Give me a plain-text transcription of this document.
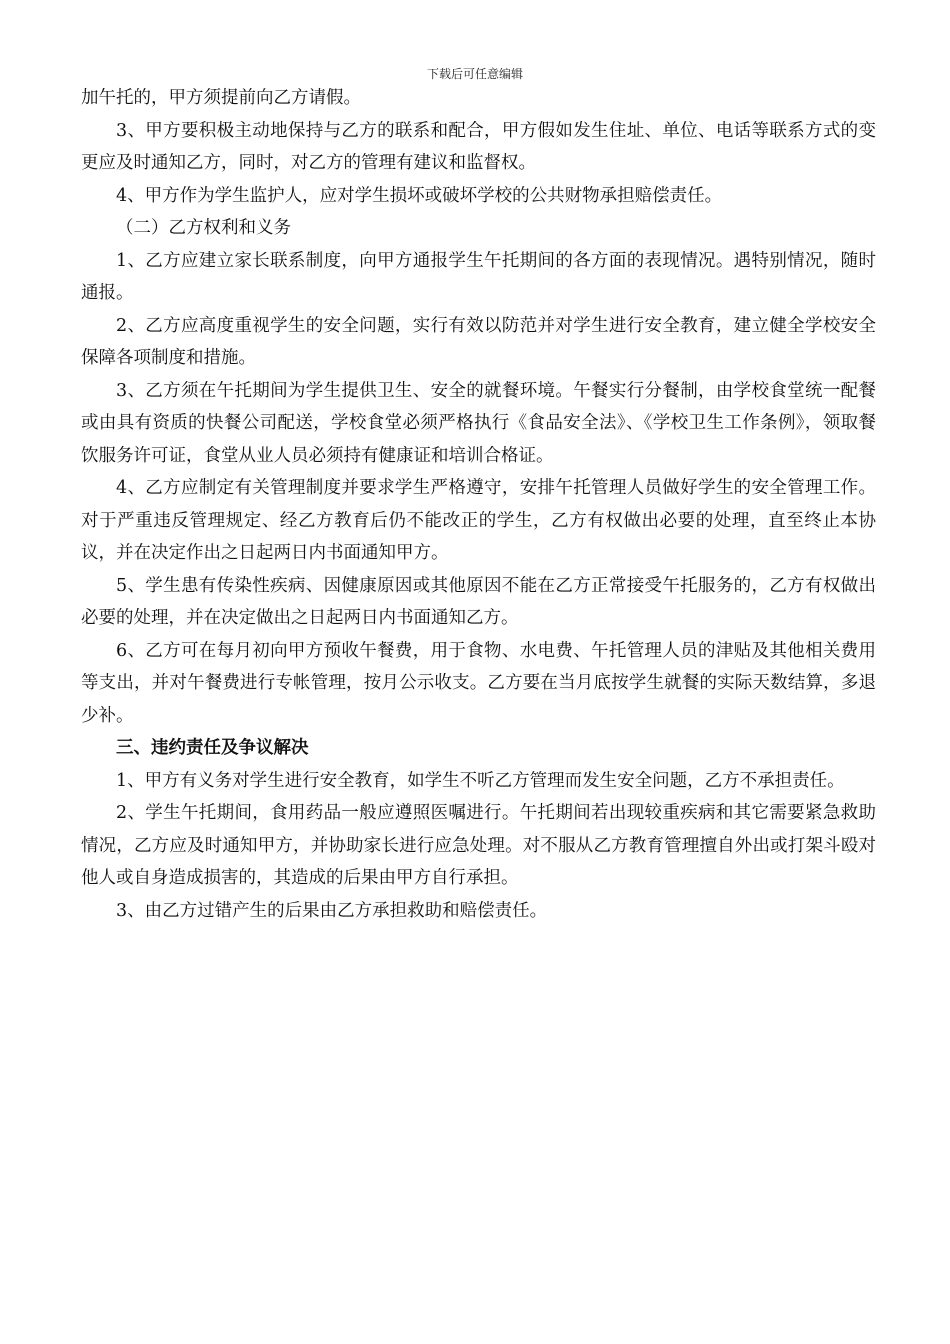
下载后可任意编辑

加午托的，甲方须提前向乙方请假。

3、甲方要积极主动地保持与乙方的联系和配合，甲方假如发生住址、单位、电话等联系方式的变更应及时通知乙方，同时，对乙方的管理有建议和监督权。

4、甲方作为学生监护人，应对学生损坏或破坏学校的公共财物承担赔偿责任。

（二）乙方权利和义务

1、乙方应建立家长联系制度，向甲方通报学生午托期间的各方面的表现情况。遇特别情况，随时通报。

2、乙方应高度重视学生的安全问题，实行有效以防范并对学生进行安全教育，建立健全学校安全保障各项制度和措施。

3、乙方须在午托期间为学生提供卫生、安全的就餐环境。午餐实行分餐制，由学校食堂统一配餐或由具有资质的快餐公司配送，学校食堂必须严格执行《食品安全法》、《学校卫生工作条例》，领取餐饮服务许可证，食堂从业人员必须持有健康证和培训合格证。

4、乙方应制定有关管理制度并要求学生严格遵守，安排午托管理人员做好学生的安全管理工作。对于严重违反管理规定、经乙方教育后仍不能改正的学生，乙方有权做出必要的处理，直至终止本协议，并在决定作出之日起两日内书面通知甲方。

5、学生患有传染性疾病、因健康原因或其他原因不能在乙方正常接受午托服务的，乙方有权做出必要的处理，并在决定做出之日起两日内书面通知乙方。

6、乙方可在每月初向甲方预收午餐费，用于食物、水电费、午托管理人员的津贴及其他相关费用等支出，并对午餐费进行专帐管理，按月公示收支。乙方要在当月底按学生就餐的实际天数结算，多退少补。

三、违约责任及争议解决

1、甲方有义务对学生进行安全教育，如学生不听乙方管理而发生安全问题，乙方不承担责任。

2、学生午托期间，食用药品一般应遵照医嘱进行。午托期间若出现较重疾病和其它需要紧急救助情况，乙方应及时通知甲方，并协助家长进行应急处理。对不服从乙方教育管理擅自外出或打架斗殴对他人或自身造成损害的，其造成的后果由甲方自行承担。

3、由乙方过错产生的后果由乙方承担救助和赔偿责任。
